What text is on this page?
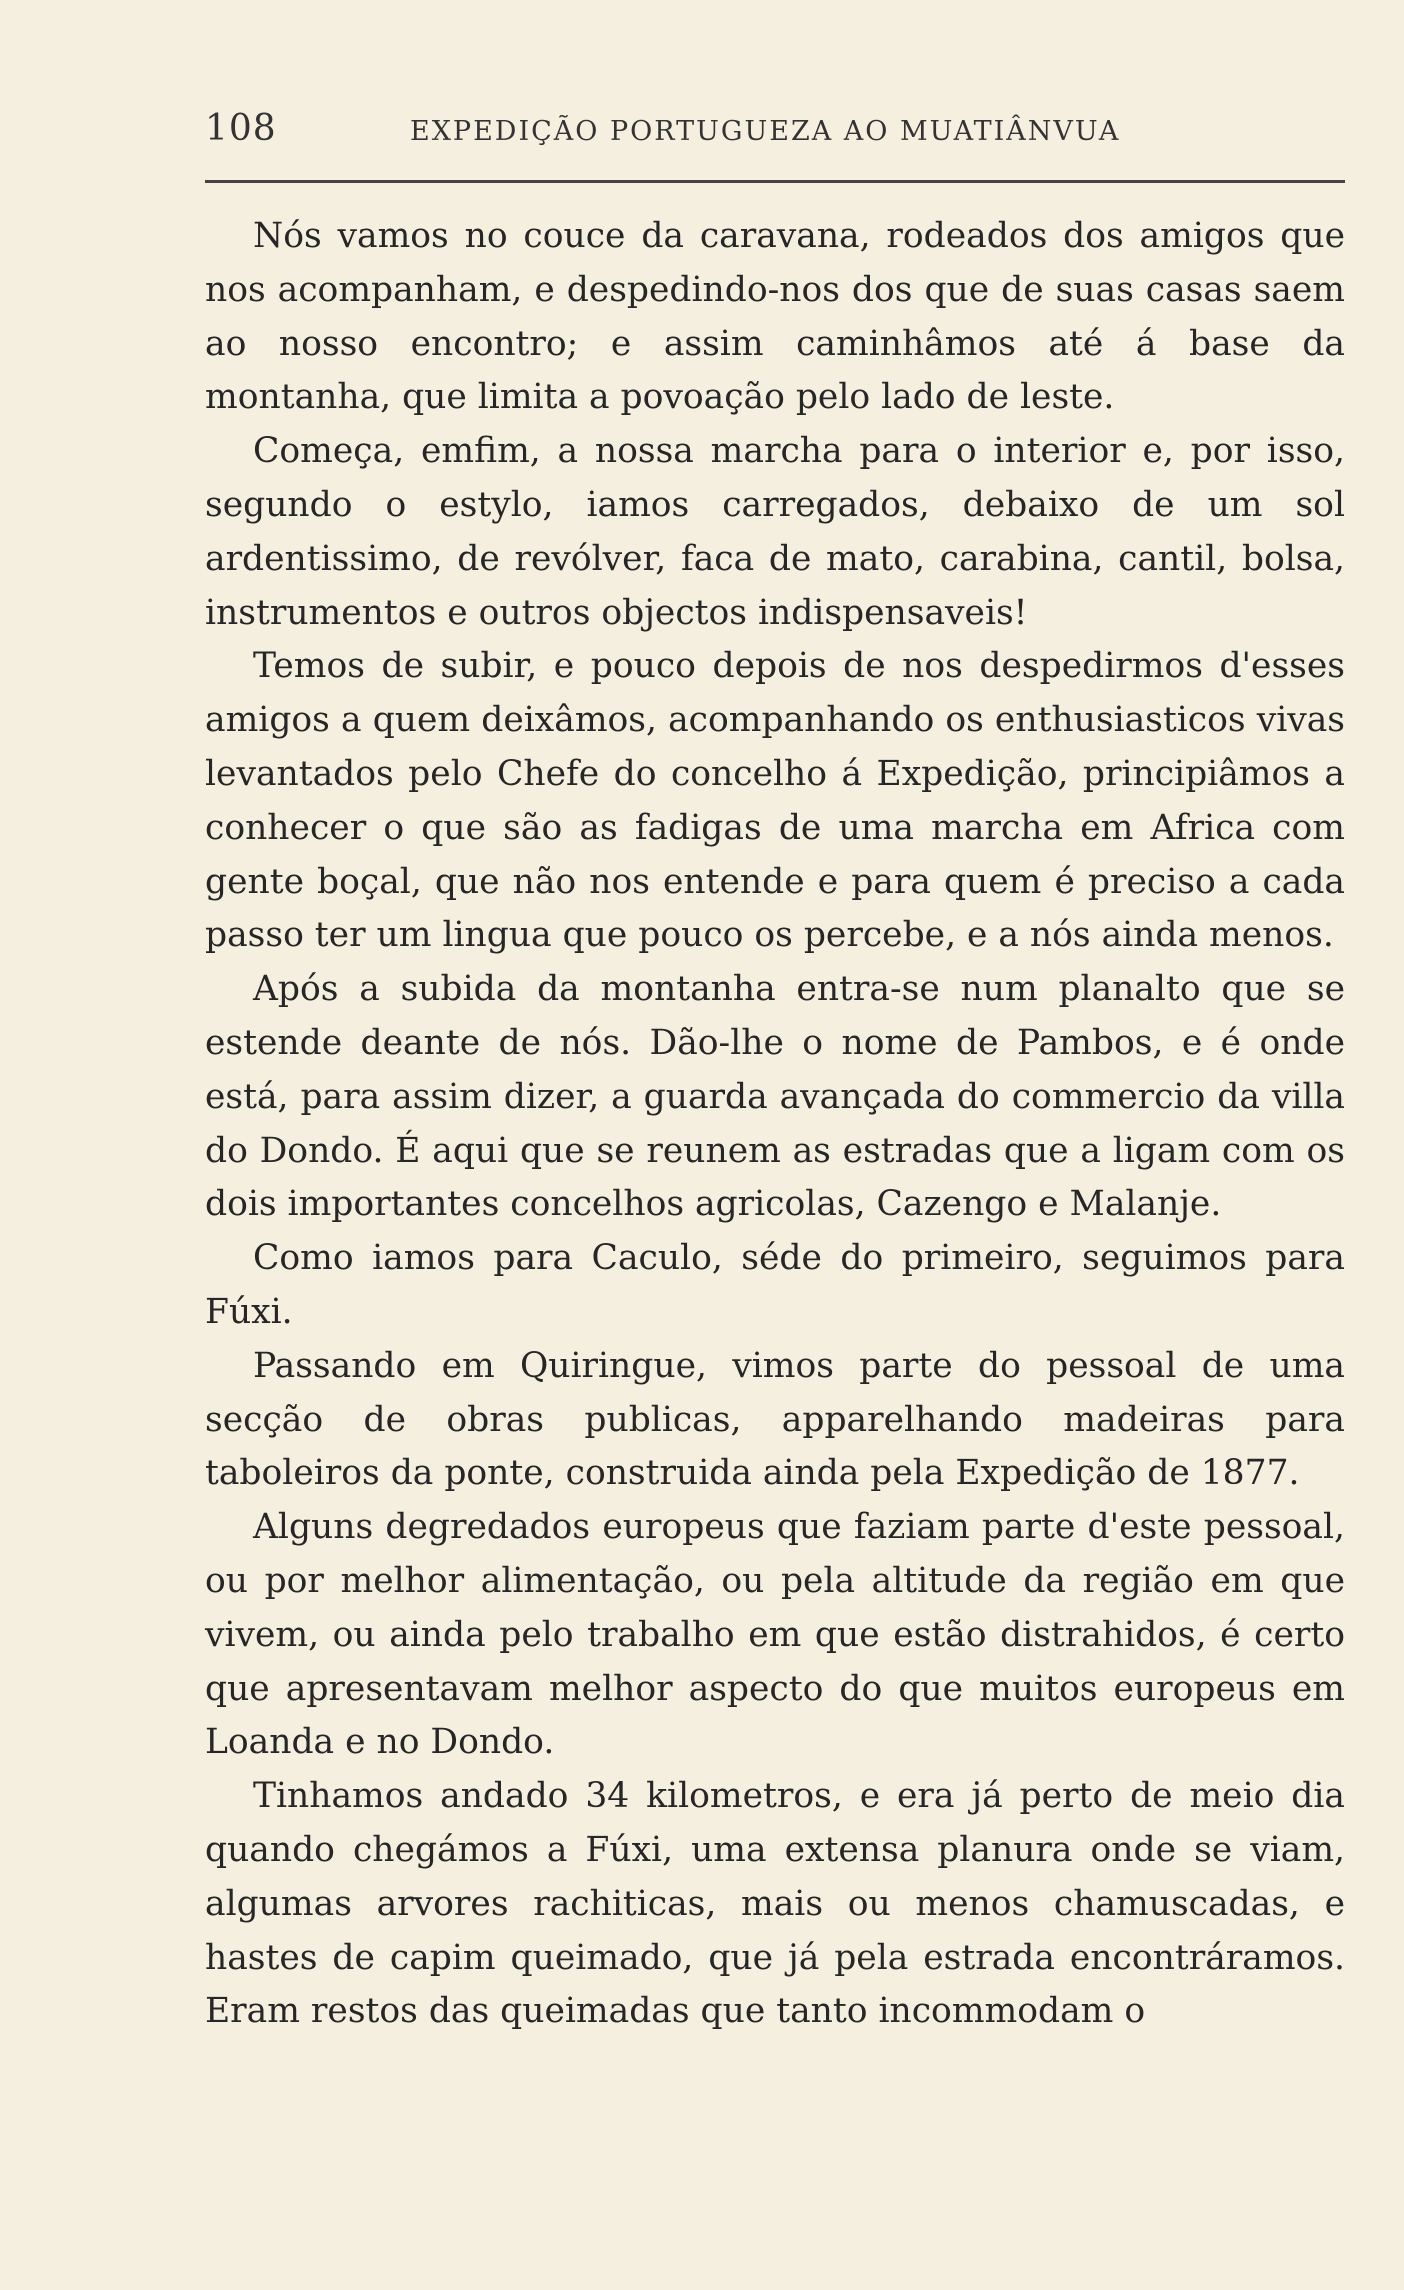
108	EXPEDIÇÃO PORTUGUEZA AO MUATIÂNVUA

Nós vamos no couce da caravana, rodeados dos amigos que nos acompanham, e despedindo-nos dos que de suas casas saem ao nosso encontro; e assim caminhâmos até á base da montanha, que limita a povoação pelo lado de leste.

Começa, emfim, a nossa marcha para o interior e, por isso, segundo o estylo, iamos carregados, debaixo de um sol ardentissimo, de revólver, faca de mato, carabina, cantil, bolsa, instrumentos e outros objectos indispensaveis!

Temos de subir, e pouco depois de nos despedirmos d'esses amigos a quem deixâmos, acompanhando os enthusiasticos vivas levantados pelo Chefe do concelho á Expedição, principiâmos a conhecer o que são as fadigas de uma marcha em Africa com gente boçal, que não nos entende e para quem é preciso a cada passo ter um lingua que pouco os percebe, e a nós ainda menos.

Após a subida da montanha entra-se num planalto que se estende deante de nós. Dão-lhe o nome de Pambos, e é onde está, para assim dizer, a guarda avançada do commercio da villa do Dondo. É aqui que se reunem as estradas que a ligam com os dois importantes concelhos agricolas, Cazengo e Malanje.

Como iamos para Caculo, séde do primeiro, seguimos para Fúxi.

Passando em Quiringue, vimos parte do pessoal de uma secção de obras publicas, apparelhando madeiras para taboleiros da ponte, construida ainda pela Expedição de 1877.

Alguns degredados europeus que faziam parte d'este pessoal, ou por melhor alimentação, ou pela altitude da região em que vivem, ou ainda pelo trabalho em que estão distrahidos, é certo que apresentavam melhor aspecto do que muitos europeus em Loanda e no Dondo.

Tinhamos andado 34 kilometros, e era já perto de meio dia quando chegámos a Fúxi, uma extensa planura onde se viam, algumas arvores rachiticas, mais ou menos chamuscadas, e hastes de capim queimado, que já pela estrada encontráramos. Eram restos das queimadas que tanto incommodam o
